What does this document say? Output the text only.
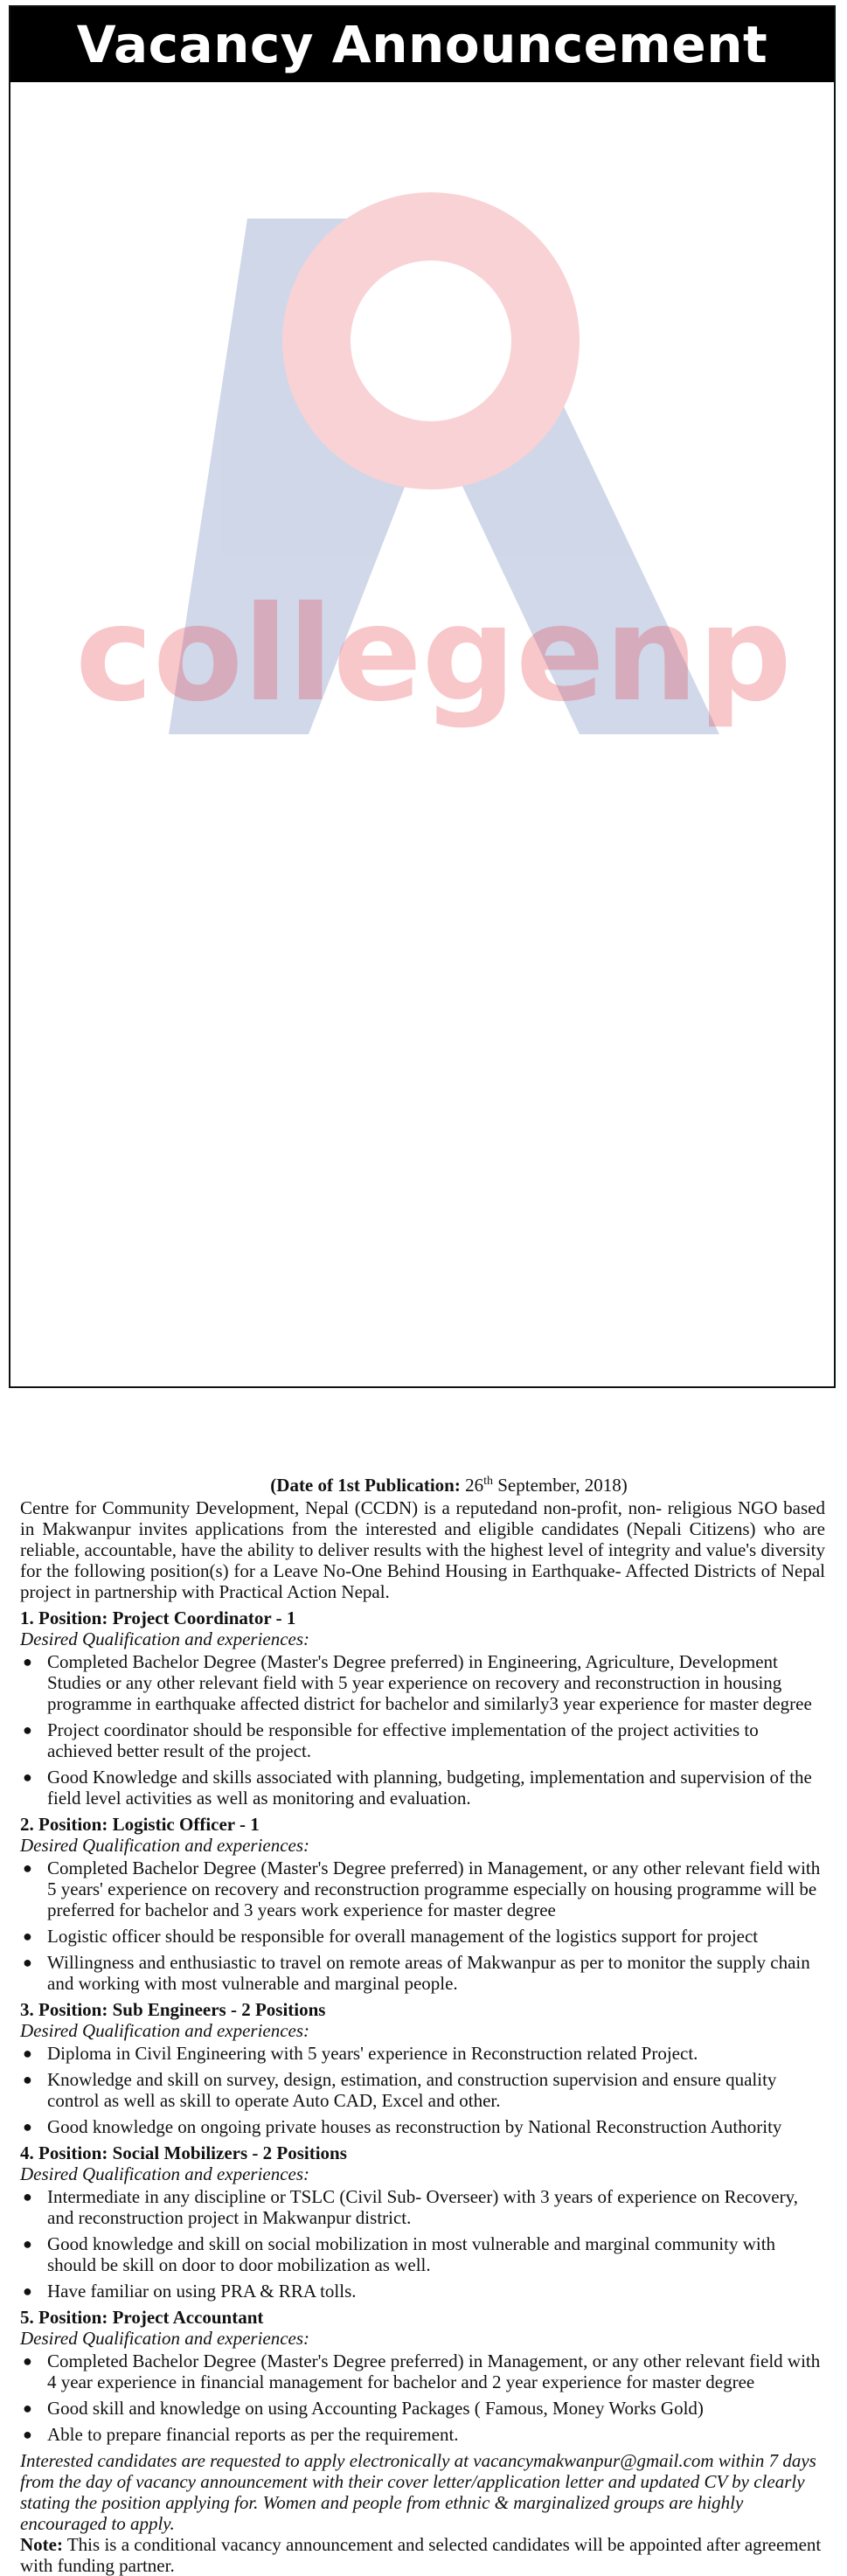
Vacancy Announcement
collegenp
(Date of 1st Publication: 26th September, 2018)

Centre for Community Development, Nepal (CCDN) is a reputedand non-profit, non- religious NGO based in Makwanpur invites applications from the interested and eligible candidates (Nepali Citizens) who are reliable, accountable, have the ability to deliver results with the highest level of integrity and value's diversity for the following position(s) for a Leave No-One Behind Housing in Earthquake- Affected Districts of Nepal project in partnership with Practical Action Nepal.

1. Position: Project Coordinator - 1
Desired Qualification and experiences:
● Completed Bachelor Degree (Master's Degree preferred) in Engineering, Agriculture, Development Studies or any other relevant field with 5 year experience on recovery and reconstruction in housing programme in earthquake affected district for bachelor and similarly3 year experience for master degree
● Project coordinator should be responsible for effective implementation of the project activities to achieved better result of the project.
● Good Knowledge and skills associated with planning, budgeting, implementation and supervision of the field level activities as well as monitoring and evaluation.
2. Position: Logistic Officer - 1
Desired Qualification and experiences:
● Completed Bachelor Degree (Master's Degree preferred) in Management, or any other relevant field with 5 years' experience on recovery and reconstruction programme especially on housing programme will be preferred for bachelor and 3 years work experience for master degree
● Logistic officer should be responsible for overall management of the logistics support for project
● Willingness and enthusiastic to travel on remote areas of Makwanpur as per to monitor the supply chain and working with most vulnerable and marginal people.
3. Position: Sub Engineers - 2 Positions
Desired Qualification and experiences:
● Diploma in Civil Engineering with 5 years' experience in Reconstruction related Project.
● Knowledge and skill on survey, design, estimation, and construction supervision and ensure quality control as well as skill to operate Auto CAD, Excel and other.
● Good knowledge on ongoing private houses as reconstruction by National Reconstruction Authority
4. Position: Social Mobilizers - 2 Positions
Desired Qualification and experiences:
● Intermediate in any discipline or TSLC (Civil Sub- Overseer) with 3 years of experience on Recovery, and reconstruction project in Makwanpur district.
● Good knowledge and skill on social mobilization in most vulnerable and marginal community with should be skill on door to door mobilization as well.
● Have familiar on using PRA & RRA tolls.
5. Position: Project Accountant
Desired Qualification and experiences:
● Completed Bachelor Degree (Master's Degree preferred) in Management, or any other relevant field with 4 year experience in financial management for bachelor and 2 year experience for master degree
● Good skill and knowledge on using Accounting Packages ( Famous, Money Works Gold)
● Able to prepare financial reports as per the requirement.
Interested candidates are requested to apply electronically at vacancymakwanpur@gmail.com within 7 days from the day of vacancy announcement with their cover letter/application letter and updated CV by clearly stating the position applying for. Women and people from ethnic & marginalized groups are highly encouraged to apply.
Note: This is a conditional vacancy announcement and selected candidates will be appointed after agreement with funding partner.
